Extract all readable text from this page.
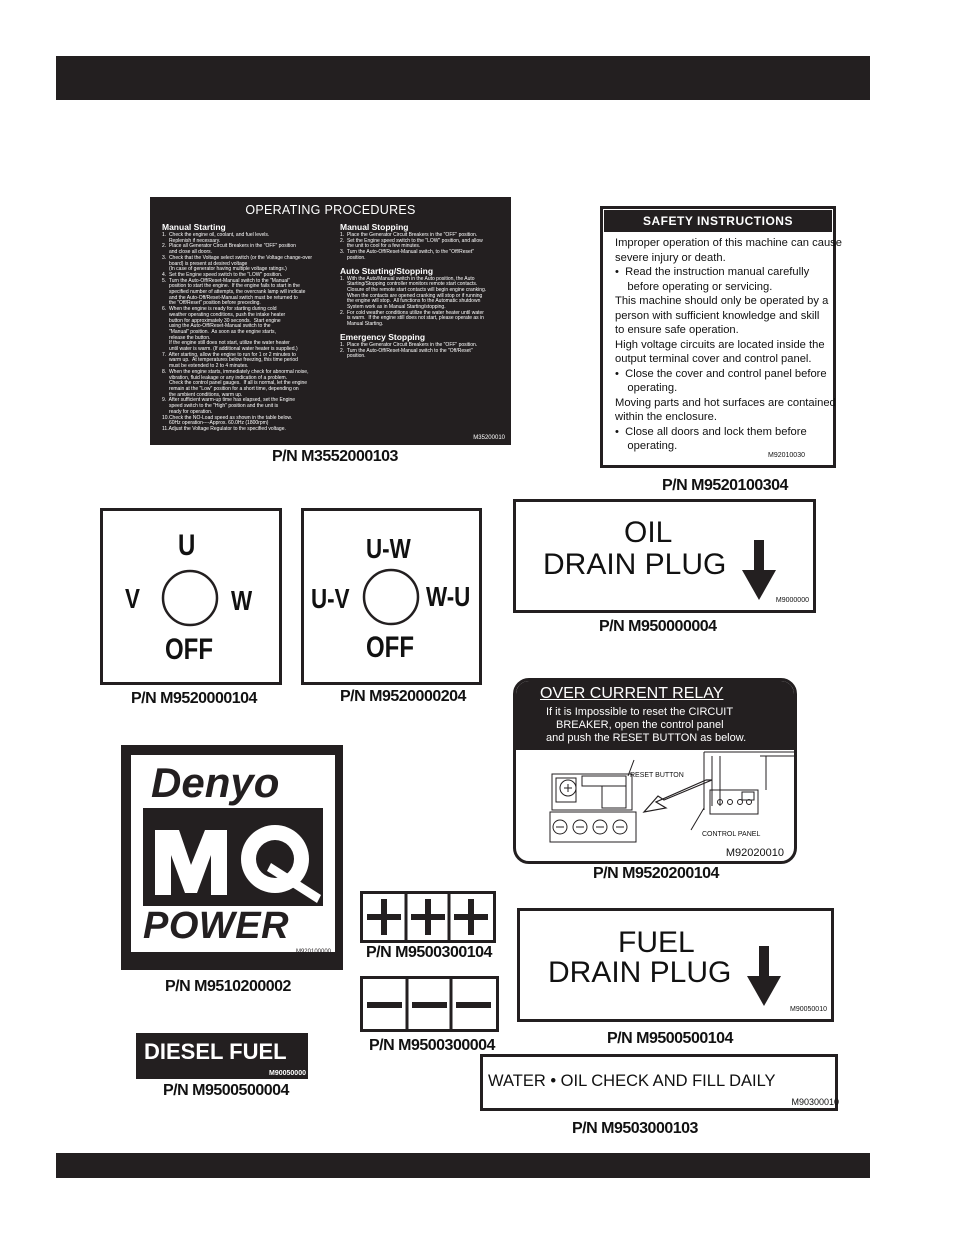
OPERATING PROCEDURES
Manual Starting
1.  Check the engine oil, coolant, and fuel levels.
Replenish if necessary.
2.  Place all Generator Circuit Breakers in the "OFF" position
and close all doors.
3.  Check that the Voltage select switch (or the Voltage change-over
board) is present at desired voltage
(In case of generator having multiple voltage ratings.)
4.  Set the Engine speed switch to the "LOW" position.
5.  Turn the Auto-Off/Reset-Manual switch to the "Manual"
position to start the engine.  If the engine fails to start in the
specified number of attempts, the overcrank lamp will indicate
and the Auto-Off/Reset-Manual switch must be returned to
the "Off/Reset" position before preceding.
6.  When the engine is ready for starting during cold
weather operating conditions, push the intake heater
button for approximately 30 seconds.  Start engine
using the Auto-Off/Reset-Manual switch to the
"Manual" position.  As soon as the engine starts,
release the button.
If the engine still does not start, utilize the water heater
until water is warm. (If additional water heater is supplied.)
7.  After starting, allow the engine to run for 1 or 2 minutes to
warm up.  At temperatures below freezing, this time period
must be extended to 2 to 4 minutes.
8.  When the engine starts, immediately check for abnormal noise,
vibration, fluid leakage or any indication of a problem.
Check the control panel gauges.  If all is normal, let the engine
remain at the "Low" position for a short time, depending on
the ambient conditions, warm up.
9.  After sufficient warm-up time has elapsed, set the Engine
speed switch to the "High" position and the unit is
ready for operation.
10.Check the NO-Load speed as shown in the table below.
60Hz operation----Approx. 60.0Hz (1800rpm)
11.Adjust the Voltage Regulator to the specified voltage.
Manual Stopping
1.  Place the Generator Circuit Breakers in the "OFF" position.
2.  Set the Engine speed switch to the "LOW" position, and allow
the unit to cool for a few minutes.
3.  Turn the Auto-Off/Reset-Manual switch, to the "Off/Reset"
position.
Auto Starting/Stopping
1.  With the Auto/Manual switch in the Auto position, the Auto
Starting/Stopping controller monitors remote start contacts.
Closure of the remote start contacts will begin engine cranking.
When the contacts are opened cranking will stop or if running
the engine will stop.  All functions fo the Automatic shutdown
System work as in Manual Starting/stopping.
2.  For cold weather conditions utilize the water heater until water
is warm.  If the engine still does not start, please operate as in
Manual Starting.
Emergency Stopping
1.  Place the Generator Circuit Breakers in the "OFF" position.
2.  Turn the Auto-Off/Reset-Manual switch to the "Off/Reset"
position.
M35200010
P/N M3552000103
SAFETY INSTRUCTIONS
Improper operation of this machine can cause
severe injury or death.
•  Read the instruction manual carefully
before operating or servicing.
This machine should only be operated by a
person with sufficient knowledge and skill
to ensure safe operation.
High voltage circuits are located inside the
output terminal cover and control panel.
•  Close the cover and control panel before
operating.
Moving parts and hot surfaces are contained
within the enclosure.
•  Close all doors and lock them before
operating.
M92010030
P/N M9520100304
U
V	W
OFF
P/N M9520000104
U-W
U-V	W-U
OFF
P/N M9520000204
OIL
DRAIN PLUG
M9000000
P/N M950000004
OVER CURRENT RELAY
If it is Impossible to reset the CIRCUIT
BREAKER, open the control panel
and push the RESET BUTTON as below.
RESET BUTTON
CONTROL PANEL
M92020010
P/N M9520200104
Denyo
POWER
M920100000
P/N M9510200002
P/N M9500300104
P/N M9500300004
FUEL
DRAIN PLUG
M90050010
P/N M9500500104
DIESEL FUEL
M90050000
P/N M9500500004
WATER • OIL CHECK AND FILL DAILY
M90300010
P/N M9503000103
